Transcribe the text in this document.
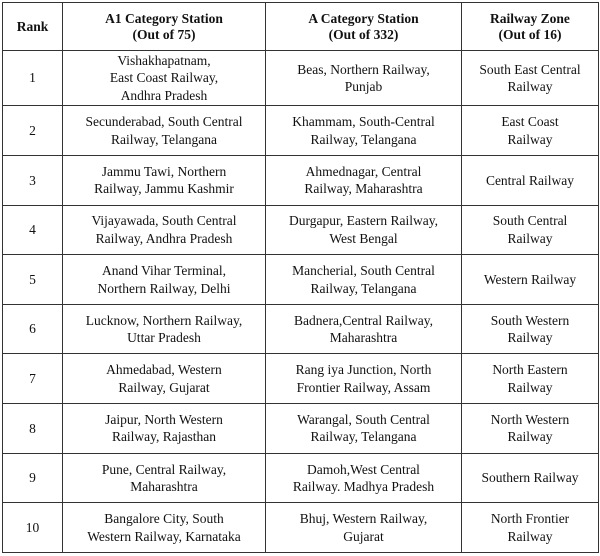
Rank	A1 Category Station
(Out of 75)	A Category Station
(Out of 332)	Railway Zone
(Out of 16)

1	Vishakhapatnam,
East Coast Railway,
Andhra Pradesh	Beas, Northern Railway,
Punjab	South East Central
Railway

2	Secunderabad, South Central
Railway, Telangana	Khammam, South-Central
Railway, Telangana	East Coast
Railway

3	Jammu Tawi, Northern
Railway, Jammu Kashmir	Ahmednagar, Central
Railway, Maharashtra	Central Railway

4	Vijayawada, South Central
Railway, Andhra Pradesh	Durgapur, Eastern Railway,
West Bengal	South Central
Railway

5	Anand Vihar Terminal,
Northern Railway, Delhi	Mancherial, South Central
Railway, Telangana	Western Railway

6	Lucknow, Northern Railway,
Uttar Pradesh	Badnera,Central Railway,
Maharashtra	South Western
Railway

7	Ahmedabad, Western
Railway, Gujarat	Rang iya Junction, North
Frontier Railway, Assam	North Eastern
Railway

8	Jaipur, North Western
Railway, Rajasthan	Warangal, South Central
Railway, Telangana	North Western
Railway

9	Pune, Central Railway,
Maharashtra	Damoh,West Central
Railway. Madhya Pradesh	Southern Railway

10	Bangalore City, South
Western Railway, Karnataka	Bhuj, Western Railway,
Gujarat	North Frontier
Railway
